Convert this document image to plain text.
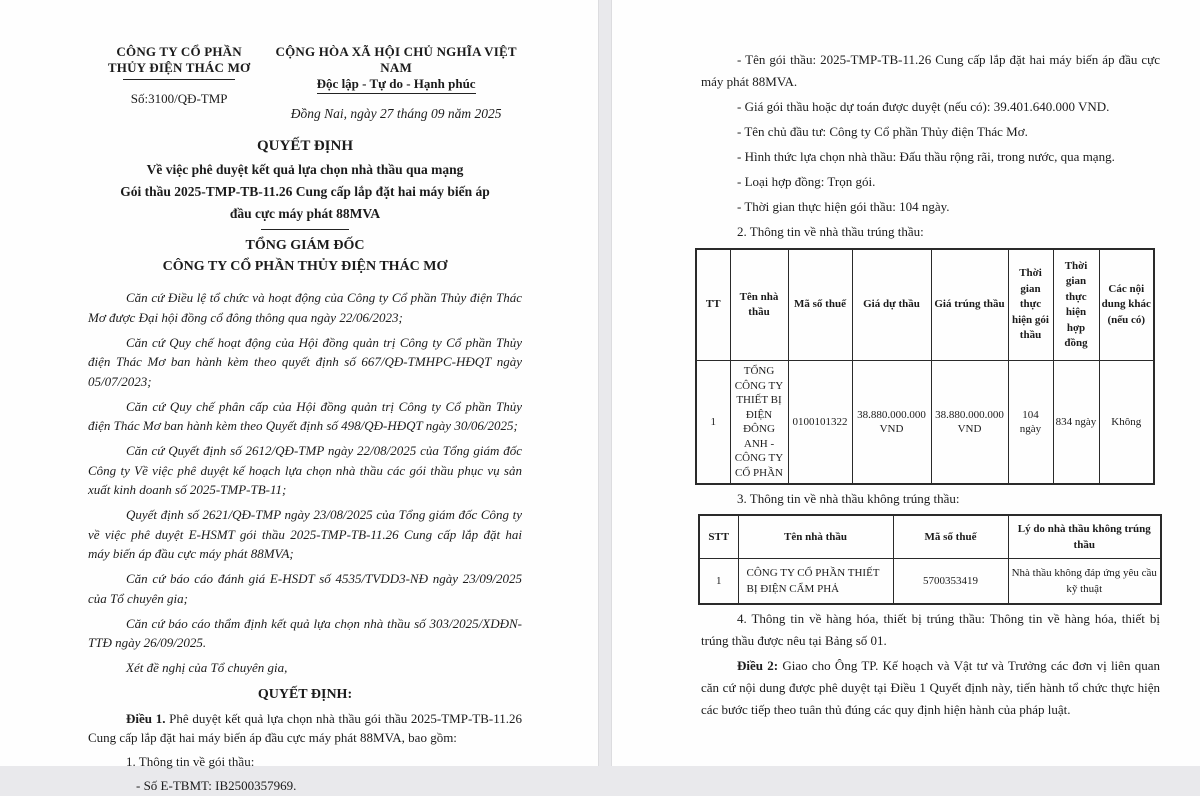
CÔNG TY CỔ PHẦN
THỦY ĐIỆN THÁC MƠ
Số:3100/QĐ-TMP
CỘNG HÒA XÃ HỘI CHỦ NGHĨA VIỆT NAM
Độc lập - Tự do - Hạnh phúc
Đồng Nai, ngày 27 tháng 09 năm 2025
QUYẾT ĐỊNH
Về việc phê duyệt kết quả lựa chọn nhà thầu qua mạng
Gói thầu 2025-TMP-TB-11.26 Cung cấp lắp đặt hai máy biến áp
đầu cực máy phát 88MVA
TỔNG GIÁM ĐỐC
CÔNG TY CỔ PHẦN THỦY ĐIỆN THÁC MƠ

Căn cứ Điều lệ tổ chức và hoạt động của Công ty Cổ phần Thủy điện Thác Mơ được Đại hội đồng cổ đông thông qua ngày 22/06/2023;

Căn cứ Quy chế hoạt động của Hội đồng quản trị Công ty Cổ phần Thủy điện Thác Mơ ban hành kèm theo quyết định số 667/QĐ-TMHPC-HĐQT ngày 05/07/2023;

Căn cứ Quy chế phân cấp của Hội đồng quản trị Công ty Cổ phần Thủy điện Thác Mơ ban hành kèm theo Quyết định số 498/QĐ-HĐQT ngày 30/06/2025;

Căn cứ Quyết định số 2612/QĐ-TMP ngày 22/08/2025 của Tổng giám đốc Công ty Về việc phê duyệt kế hoạch lựa chọn nhà thầu các gói thầu phục vụ sản xuất kinh doanh số 2025-TMP-TB-11;

Quyết định số 2621/QĐ-TMP ngày 23/08/2025 của Tổng giám đốc Công ty về việc phê duyệt E-HSMT gói thầu 2025-TMP-TB-11.26 Cung cấp lắp đặt hai máy biến áp đầu cực máy phát 88MVA;

Căn cứ báo cáo đánh giá E-HSDT số 4535/TVDD3-NĐ ngày 23/09/2025 của Tổ chuyên gia;

Căn cứ báo cáo thẩm định kết quả lựa chọn nhà thầu số 303/2025/XDĐN-TTĐ ngày 26/09/2025.

Xét đề nghị của Tổ chuyên gia,

QUYẾT ĐỊNH:

Điều 1. Phê duyệt kết quả lựa chọn nhà thầu gói thầu 2025-TMP-TB-11.26 Cung cấp lắp đặt hai máy biến áp đầu cực máy phát 88MVA, bao gồm:

1. Thông tin về gói thầu:

- Số E-TBMT: IB2500357969.

- Tên gói thầu: 2025-TMP-TB-11.26 Cung cấp lắp đặt hai máy biến áp đầu cực máy phát 88MVA.

- Giá gói thầu hoặc dự toán được duyệt (nếu có): 39.401.640.000 VND.

- Tên chủ đầu tư: Công ty Cổ phần Thủy điện Thác Mơ.

- Hình thức lựa chọn nhà thầu: Đấu thầu rộng rãi, trong nước, qua mạng.

- Loại hợp đồng: Trọn gói.

- Thời gian thực hiện gói thầu: 104 ngày.

2. Thông tin về nhà thầu trúng thầu:

TT	Tên nhà thầu	Mã số thuế	Giá dự thầu	Giá trúng thầu	Thời gian thực hiện gói thầu	Thời gian thực hiện hợp đồng	Các nội dung khác (nếu có)
1	TỔNG CÔNG TY THIẾT BỊ ĐIỆN ĐÔNG ANH - CÔNG TY CỔ PHẦN	0100101322	38.880.000.000 VND	38.880.000.000 VND	104 ngày	834 ngày	Không

3. Thông tin về nhà thầu không trúng thầu:

STT	Tên nhà thầu	Mã số thuế	Lý do nhà thầu không trúng thầu
1	CÔNG TY CỔ PHẦN THIẾT BỊ ĐIỆN CẨM PHẢ	5700353419	Nhà thầu không đáp ứng yêu cầu kỹ thuật

4. Thông tin về hàng hóa, thiết bị trúng thầu: Thông tin về hàng hóa, thiết bị trúng thầu được nêu tại Bảng số 01.

Điều 2: Giao cho Ông TP. Kế hoạch và Vật tư và Trưởng các đơn vị liên quan căn cứ nội dung được phê duyệt tại Điều 1 Quyết định này, tiến hành tổ chức thực hiện các bước tiếp theo tuân thủ đúng các quy định hiện hành của pháp luật.
